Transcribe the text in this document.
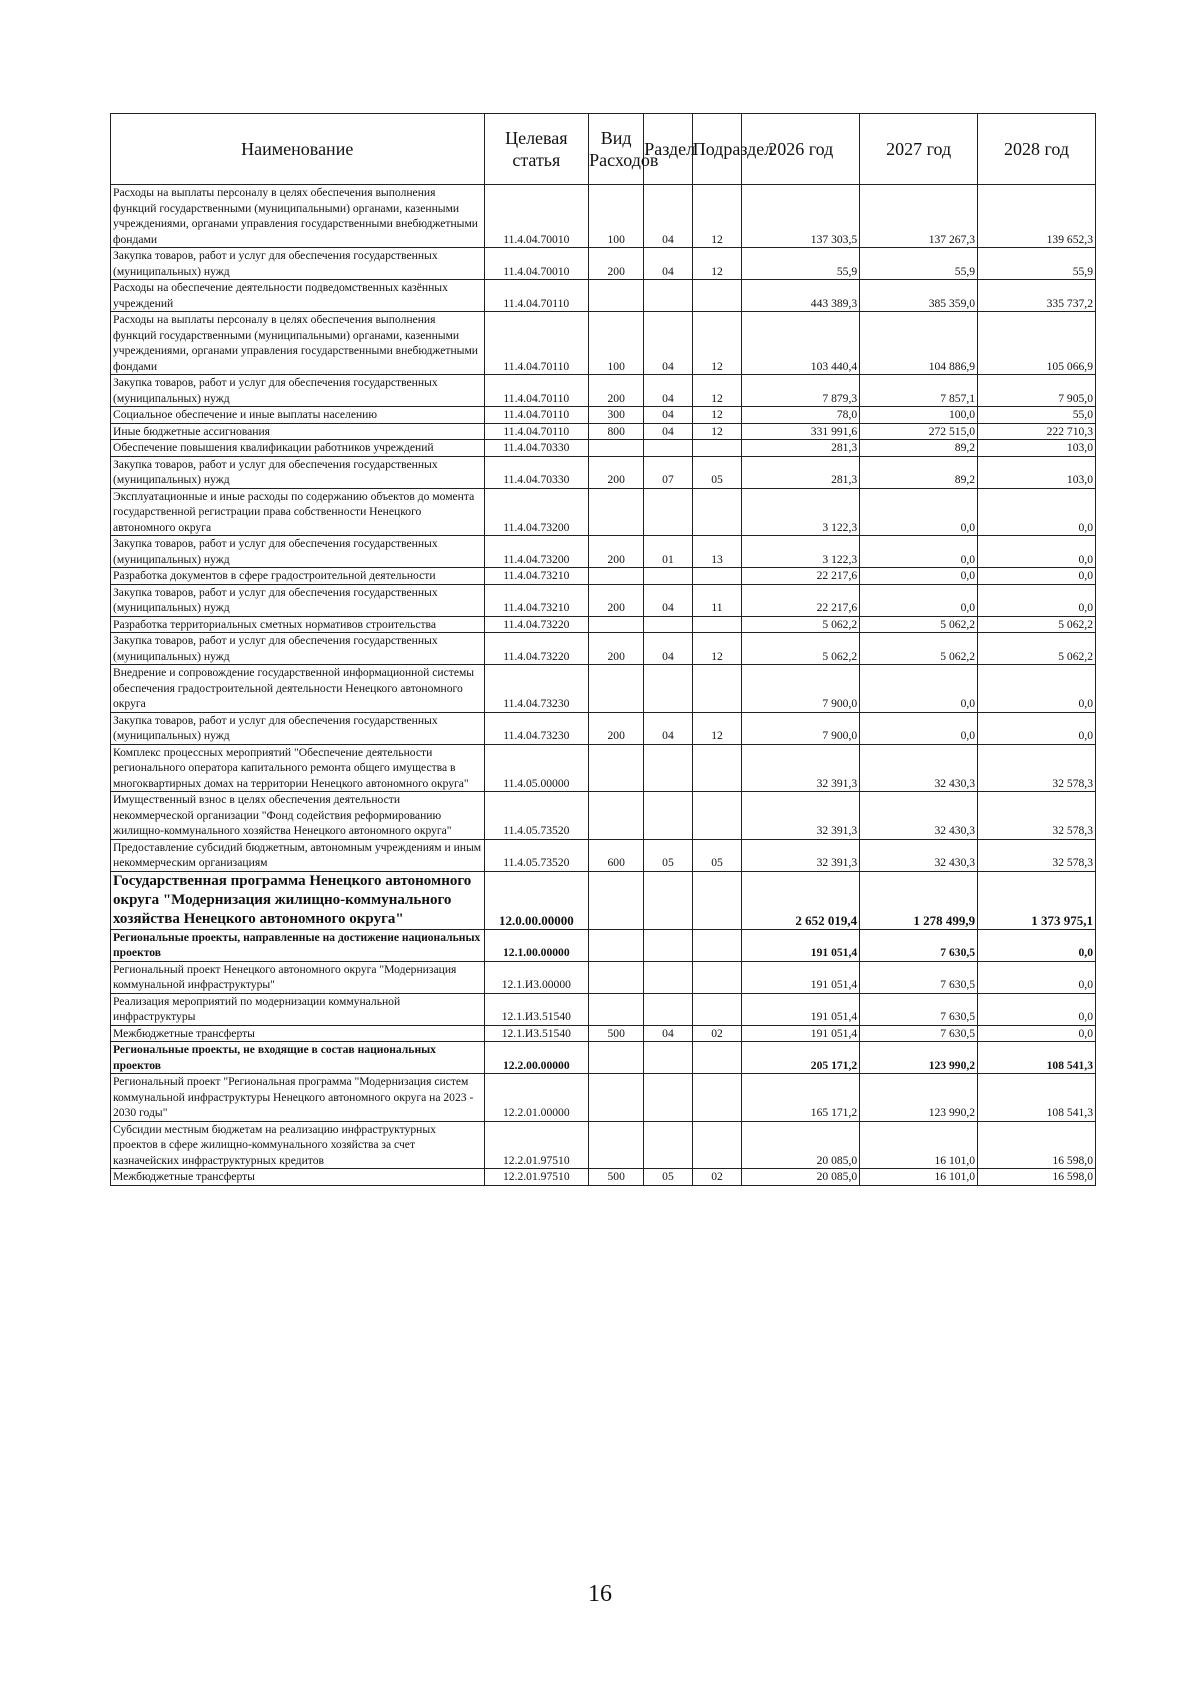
Наименование	Целевая статья	Вид Расходов	Раздел	Подраздел	2026 год	2027 год	2028 год
Расходы на выплаты персоналу в целях обеспечения выполнения функций государственными (муниципальными) органами, казенными учреждениями, органами управления государственными внебюджетными фондами	11.4.04.70010	100	04	12	137 303,5	137 267,3	139 652,3
Закупка товаров, работ и услуг для обеспечения государственных (муниципальных) нужд	11.4.04.70010	200	04	12	55,9	55,9	55,9
Расходы на обеспечение деятельности подведомственных казённых учреждений	11.4.04.70110				443 389,3	385 359,0	335 737,2
Расходы на выплаты персоналу в целях обеспечения выполнения функций государственными (муниципальными) органами, казенными учреждениями, органами управления государственными внебюджетными фондами	11.4.04.70110	100	04	12	103 440,4	104 886,9	105 066,9
Закупка товаров, работ и услуг для обеспечения государственных (муниципальных) нужд	11.4.04.70110	200	04	12	7 879,3	7 857,1	7 905,0
Социальное обеспечение и иные выплаты населению	11.4.04.70110	300	04	12	78,0	100,0	55,0
Иные бюджетные ассигнования	11.4.04.70110	800	04	12	331 991,6	272 515,0	222 710,3
Обеспечение повышения квалификации работников учреждений	11.4.04.70330				281,3	89,2	103,0
Закупка товаров, работ и услуг для обеспечения государственных (муниципальных) нужд	11.4.04.70330	200	07	05	281,3	89,2	103,0
Эксплуатационные и иные расходы по содержанию объектов до момента государственной регистрации права собственности Ненецкого автономного округа	11.4.04.73200				3 122,3	0,0	0,0
Закупка товаров, работ и услуг для обеспечения государственных (муниципальных) нужд	11.4.04.73200	200	01	13	3 122,3	0,0	0,0
Разработка документов в сфере градостроительной деятельности	11.4.04.73210				22 217,6	0,0	0,0
Закупка товаров, работ и услуг для обеспечения государственных (муниципальных) нужд	11.4.04.73210	200	04	11	22 217,6	0,0	0,0
Разработка территориальных сметных нормативов строительства	11.4.04.73220				5 062,2	5 062,2	5 062,2
Закупка товаров, работ и услуг для обеспечения государственных (муниципальных) нужд	11.4.04.73220	200	04	12	5 062,2	5 062,2	5 062,2
Внедрение и сопровождение государственной информационной системы обеспечения градостроительной деятельности Ненецкого автономного округа	11.4.04.73230				7 900,0	0,0	0,0
Закупка товаров, работ и услуг для обеспечения государственных (муниципальных) нужд	11.4.04.73230	200	04	12	7 900,0	0,0	0,0
Комплекс процессных мероприятий "Обеспечение деятельности регионального оператора капитального ремонта общего имущества в многоквартирных домах на территории Ненецкого автономного округа"	11.4.05.00000				32 391,3	32 430,3	32 578,3
Имущественный взнос в целях обеспечения деятельности некоммерческой организации "Фонд содействия реформированию жилищно-коммунального хозяйства Ненецкого автономного округа"	11.4.05.73520				32 391,3	32 430,3	32 578,3
Предоставление субсидий бюджетным, автономным учреждениям и иным некоммерческим организациям	11.4.05.73520	600	05	05	32 391,3	32 430,3	32 578,3
Государственная программа Ненецкого автономного округа "Модернизация жилищно-коммунального хозяйства Ненецкого автономного округа"	12.0.00.00000				2 652 019,4	1 278 499,9	1 373 975,1
Региональные проекты, направленные на достижение национальных проектов	12.1.00.00000				191 051,4	7 630,5	0,0
Региональный проект Ненецкого автономного округа "Модернизация коммунальной инфраструктуры"	12.1.И3.00000				191 051,4	7 630,5	0,0
Реализация мероприятий по модернизации коммунальной инфраструктуры	12.1.И3.51540				191 051,4	7 630,5	0,0
Межбюджетные трансферты	12.1.И3.51540	500	04	02	191 051,4	7 630,5	0,0
Региональные проекты, не входящие в состав национальных проектов	12.2.00.00000				205 171,2	123 990,2	108 541,3
Региональный проект "Региональная программа "Модернизация систем коммунальной инфраструктуры Ненецкого автономного округа на 2023 - 2030 годы"	12.2.01.00000				165 171,2	123 990,2	108 541,3
Субсидии местным бюджетам на реализацию инфраструктурных проектов в сфере жилищно-коммунального хозяйства за счет казначейских инфраструктурных кредитов	12.2.01.97510				20 085,0	16 101,0	16 598,0
Межбюджетные трансферты	12.2.01.97510	500	05	02	20 085,0	16 101,0	16 598,0
16
